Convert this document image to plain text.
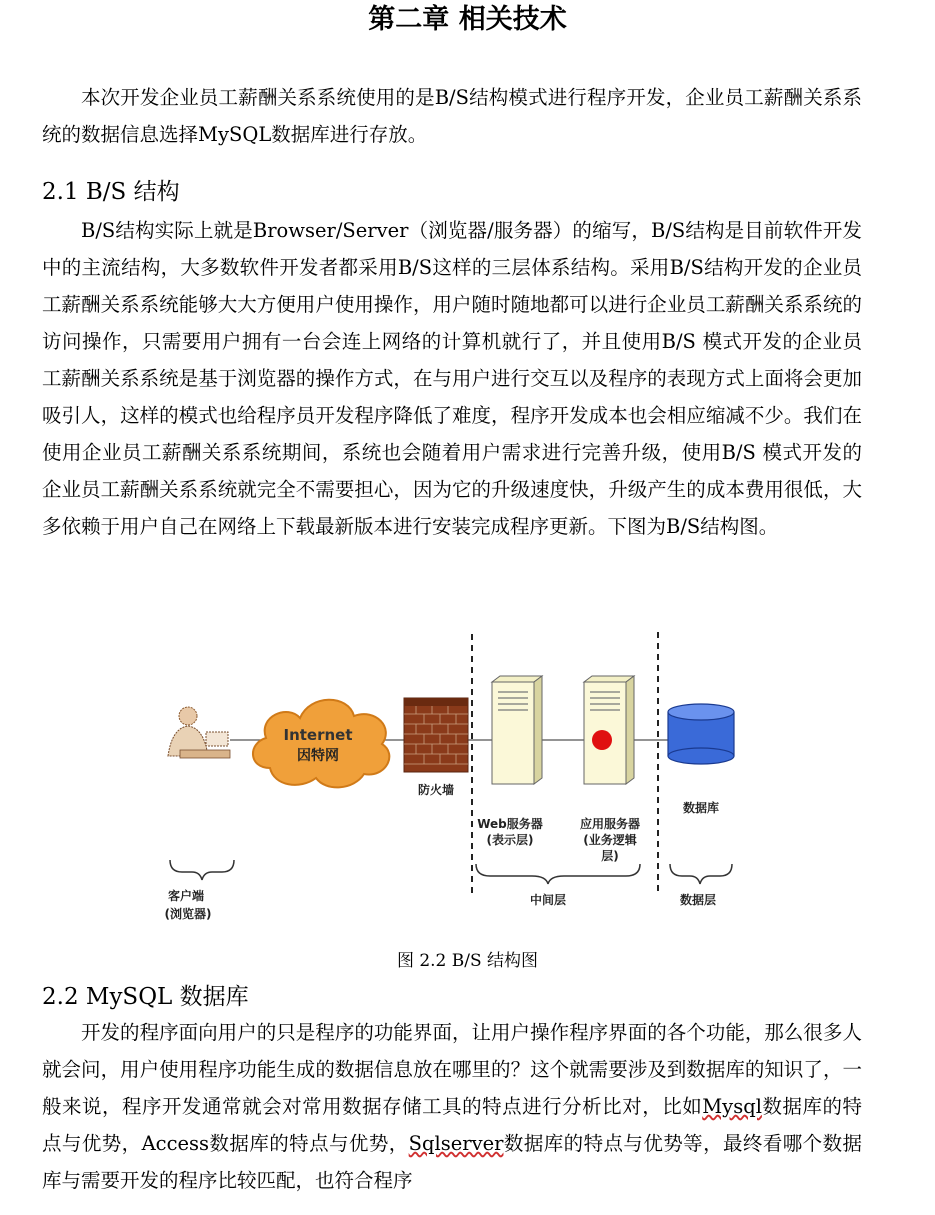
第二章 相关技术

本次开发企业员工薪酬关系系统使用的是B/S结构模式进行程序开发，企业员工薪酬关系系统的数据信息选择MySQL数据库进行存放。

2.1 B/S 结构

B/S结构实际上就是Browser/Server（浏览器/服务器）的缩写，B/S结构是目前软件开发中的主流结构，大多数软件开发者都采用B/S这样的三层体系结构。采用B/S结构开发的企业员工薪酬关系系统能够大大方便用户使用操作，用户随时随地都可以进行企业员工薪酬关系系统的访问操作，只需要用户拥有一台会连上网络的计算机就行了，并且使用B/S 模式开发的企业员工薪酬关系系统是基于浏览器的操作方式，在与用户进行交互以及程序的表现方式上面将会更加吸引人，这样的模式也给程序员开发程序降低了难度，程序开发成本也会相应缩减不少。我们在使用企业员工薪酬关系系统期间，系统也会随着用户需求进行完善升级，使用B/S 模式开发的企业员工薪酬关系系统就完全不需要担心，因为它的升级速度快，升级产生的成本费用很低，大多依赖于用户自己在网络上下载最新版本进行安装完成程序更新。下图为B/S结构图。

Internet
因特网
防火墙
Web服务器
(表示层)
应用服务器
(业务逻辑
层)
数据库
客户端
(浏览器)
中间层	数据层

图 2.2 B/S 结构图

2.2 MySQL 数据库

开发的程序面向用户的只是程序的功能界面，让用户操作程序界面的各个功能，那么很多人就会问，用户使用程序功能生成的数据信息放在哪里的？这个就需要涉及到数据库的知识了，一般来说，程序开发通常就会对常用数据存储工具的特点进行分析比对，比如Mysql数据库的特点与优势，Access数据库的特点与优势，Sqlserver数据库的特点与优势等，最终看哪个数据库与需要开发的程序比较匹配，也符合程序
